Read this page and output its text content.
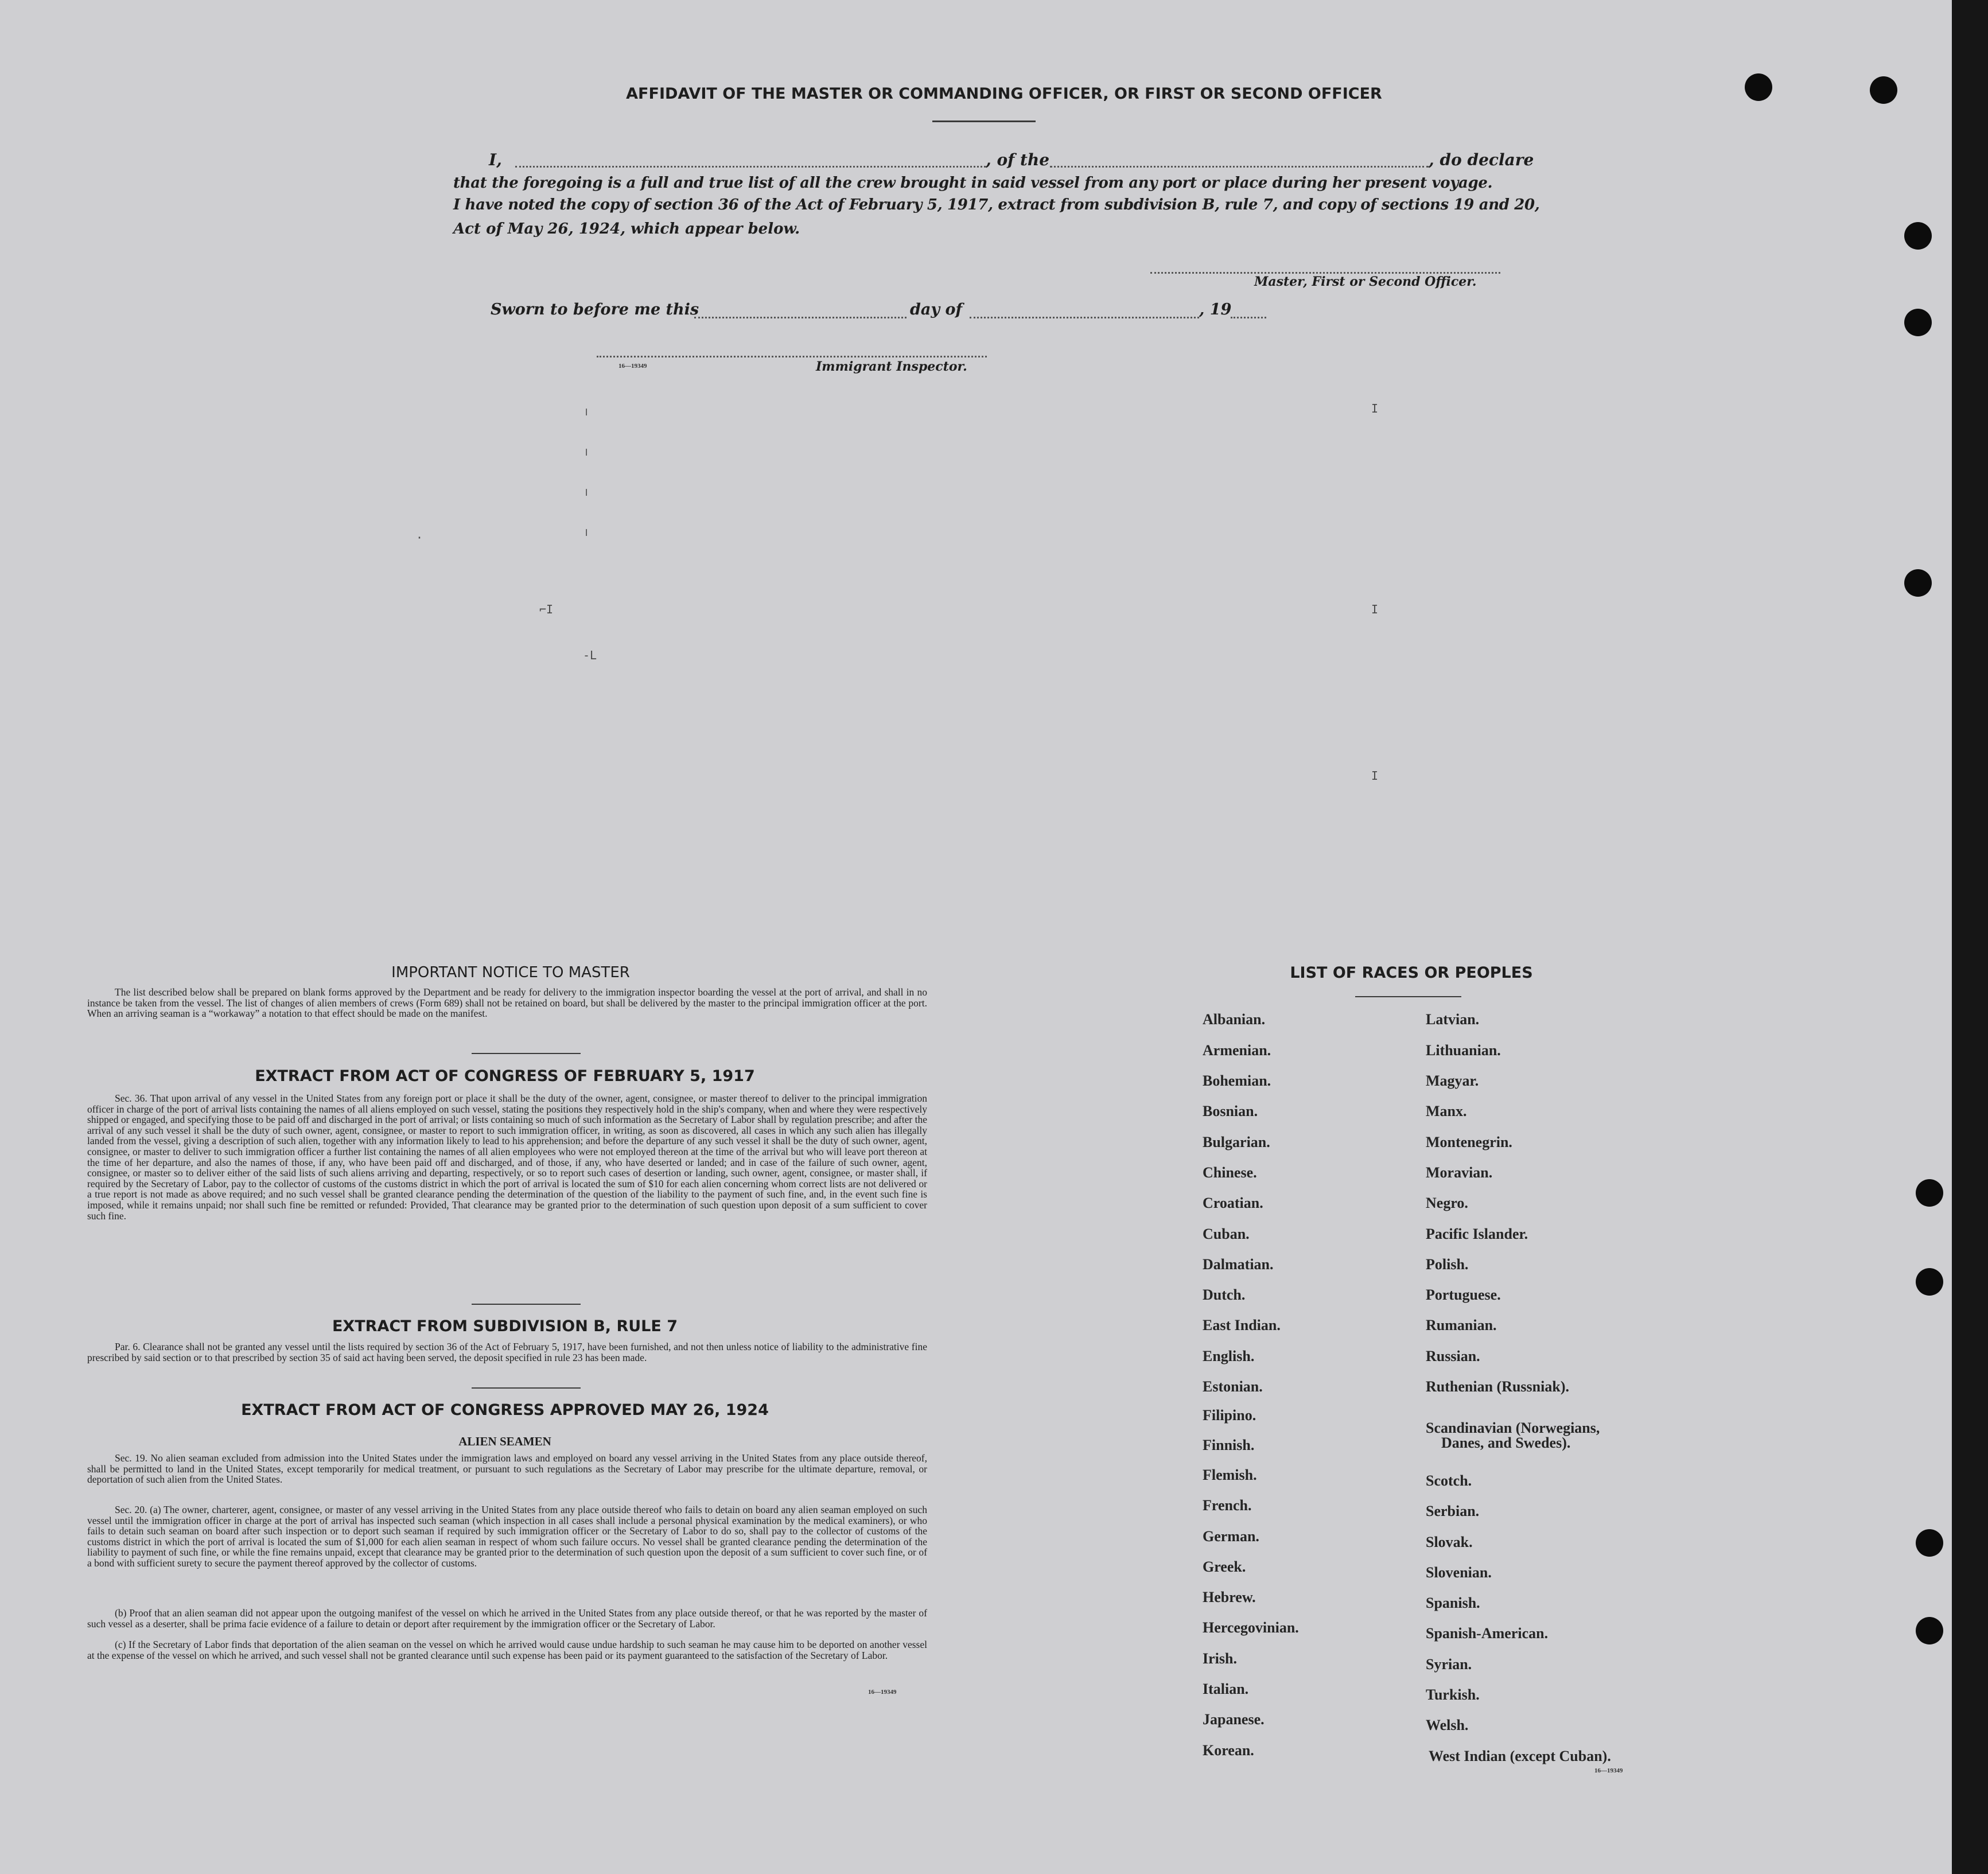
AFFIDAVIT OF THE MASTER OR COMMANDING OFFICER, OR FIRST OR SECOND OFFICER
I,	, of the	, do declare
that the foregoing is a full and true list of all the crew brought in said vessel from any port or place during her present voyage.
I have noted the copy of section 36 of the Act of February 5, 1917, extract from subdivision B, rule 7, and copy of sections 19 and 20,
Act of May 26, 1924, which appear below.
Master, First or Second Officer.
Sworn to before me this	day of	, 19
16—19349	Immigrant Inspector.
╷
╷
╷
╷
⌐I
-L
I
I
I
·
IMPORTANT NOTICE TO MASTER
The list described below shall be prepared on blank forms approved by the Department and be ready for delivery to the immigration inspector boarding the vessel at the port of arrival, and shall in no instance be taken from the vessel. The list of changes of alien members of crews (Form 689) shall not be retained on board, but shall be delivered by the master to the principal immigration officer at the port. When an arriving seaman is a “workaway” a notation to that effect should be made on the manifest.
EXTRACT FROM ACT OF CONGRESS OF FEBRUARY 5, 1917
Sec. 36. That upon arrival of any vessel in the United States from any foreign port or place it shall be the duty of the owner, agent, consignee, or master thereof to deliver to the principal immigration officer in charge of the port of arrival lists containing the names of all aliens employed on such vessel, stating the positions they respectively hold in the ship's company, when and where they were respectively shipped or engaged, and specifying those to be paid off and discharged in the port of arrival; or lists containing so much of such information as the Secretary of Labor shall by regulation prescribe; and after the arrival of any such vessel it shall be the duty of such owner, agent, consignee, or master to report to such immigration officer, in writing, as soon as discovered, all cases in which any such alien has illegally landed from the vessel, giving a description of such alien, together with any information likely to lead to his apprehension; and before the departure of any such vessel it shall be the duty of such owner, agent, consignee, or master to deliver to such immigration officer a further list containing the names of all alien employees who were not employed thereon at the time of the arrival but who will leave port thereon at the time of her departure, and also the names of those, if any, who have been paid off and discharged, and of those, if any, who have deserted or landed; and in case of the failure of such owner, agent, consignee, or master so to deliver either of the said lists of such aliens arriving and departing, respectively, or so to report such cases of desertion or landing, such owner, agent, consignee, or master shall, if required by the Secretary of Labor, pay to the collector of customs of the customs district in which the port of arrival is located the sum of $10 for each alien concerning whom correct lists are not delivered or a true report is not made as above required; and no such vessel shall be granted clearance pending the determination of the question of the liability to the payment of such fine, and, in the event such fine is imposed, while it remains unpaid; nor shall such fine be remitted or refunded: Provided, That clearance may be granted prior to the determination of such question upon deposit of a sum sufficient to cover such fine.
EXTRACT FROM SUBDIVISION B, RULE 7
Par. 6. Clearance shall not be granted any vessel until the lists required by section 36 of the Act of February 5, 1917, have been furnished, and not then unless notice of liability to the administrative fine prescribed by said section or to that prescribed by section 35 of said act having been served, the deposit specified in rule 23 has been made.
EXTRACT FROM ACT OF CONGRESS APPROVED MAY 26, 1924
ALIEN SEAMEN
Sec. 19. No alien seaman excluded from admission into the United States under the immigration laws and employed on board any vessel arriving in the United States from any place outside thereof, shall be permitted to land in the United States, except temporarily for medical treatment, or pursuant to such regulations as the Secretary of Labor may prescribe for the ultimate departure, removal, or deportation of such alien from the United States.
Sec. 20. (a) The owner, charterer, agent, consignee, or master of any vessel arriving in the United States from any place outside thereof who fails to detain on board any alien seaman employed on such vessel until the immigration officer in charge at the port of arrival has inspected such seaman (which inspection in all cases shall include a personal physical examination by the medical examiners), or who fails to detain such seaman on board after such inspection or to deport such seaman if required by such immigration officer or the Secretary of Labor to do so, shall pay to the collector of customs of the customs district in which the port of arrival is located the sum of $1,000 for each alien seaman in respect of whom such failure occurs. No vessel shall be granted clearance pending the determination of the liability to payment of such fine, or while the fine remains unpaid, except that clearance may be granted prior to the determination of such question upon the deposit of a sum sufficient to cover such fine, or of a bond with sufficient surety to secure the payment thereof approved by the collector of customs.
(b) Proof that an alien seaman did not appear upon the outgoing manifest of the vessel on which he arrived in the United States from any place outside thereof, or that he was reported by the master of such vessel as a deserter, shall be prima facie evidence of a failure to detain or deport after requirement by the immigration officer or the Secretary of Labor.
(c) If the Secretary of Labor finds that deportation of the alien seaman on the vessel on which he arrived would cause undue hardship to such seaman he may cause him to be deported on another vessel at the expense of the vessel on which he arrived, and such vessel shall not be granted clearance until such expense has been paid or its payment guaranteed to the satisfaction of the Secretary of Labor.
16—19349
LIST OF RACES OR PEOPLES
Albanian.
Armenian.
Bohemian.
Bosnian.
Bulgarian.
Chinese.
Croatian.
Cuban.
Dalmatian.
Dutch.
East Indian.
English.
Estonian.
Filipino.
Finnish.
Flemish.
French.
German.
Greek.
Hebrew.
Hercegovinian.
Irish.
Italian.
Japanese.
Korean.
Latvian.
Lithuanian.
Magyar.
Manx.
Montenegrin.
Moravian.
Negro.
Pacific Islander.
Polish.
Portuguese.
Rumanian.
Russian.
Ruthenian (Russniak).
Scandinavian (Norwegians,
Danes, and Swedes).
Scotch.
Serbian.
Slovak.
Slovenian.
Spanish.
Spanish-American.
Syrian.
Turkish.
Welsh.
West Indian (except Cuban).
16—19349
